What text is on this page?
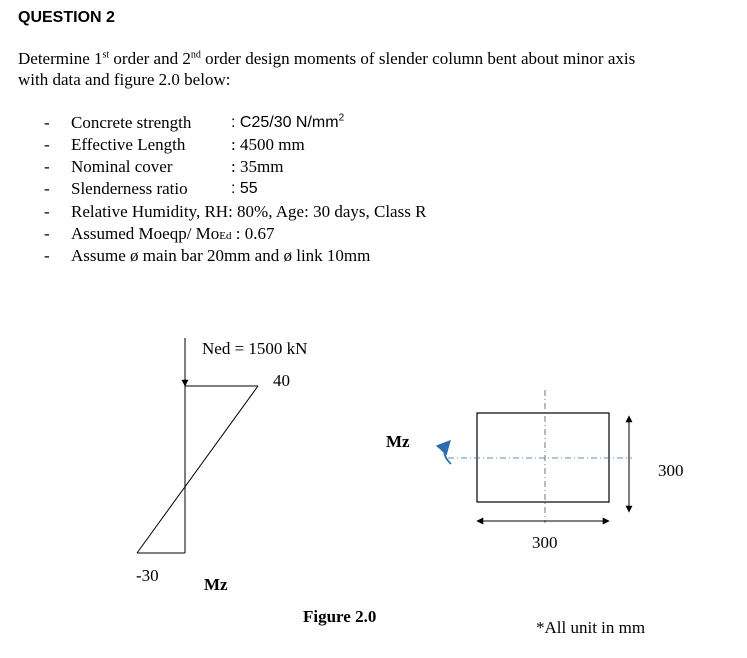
QUESTION 2
Determine 1st order and 2nd order design moments of slender column bent about minor axis
with data and figure 2.0 below:
- Concrete strength : C25/30 $N/mm^2$
- Effective Length	: 4500 mm
- Nominal cover	: 35mm
- Slenderness ratio	: 55
- Relative Humidity, RH: 80%, Age: 30 days, Class R
- Assumed Moeqp/ MoEd : 0.67
- Assume ø main bar 20mm and ø link 10mm
Ned = 1500 kN
40
-30	Mz
Mz
300
300
Figure 2.0
*All unit in mm
